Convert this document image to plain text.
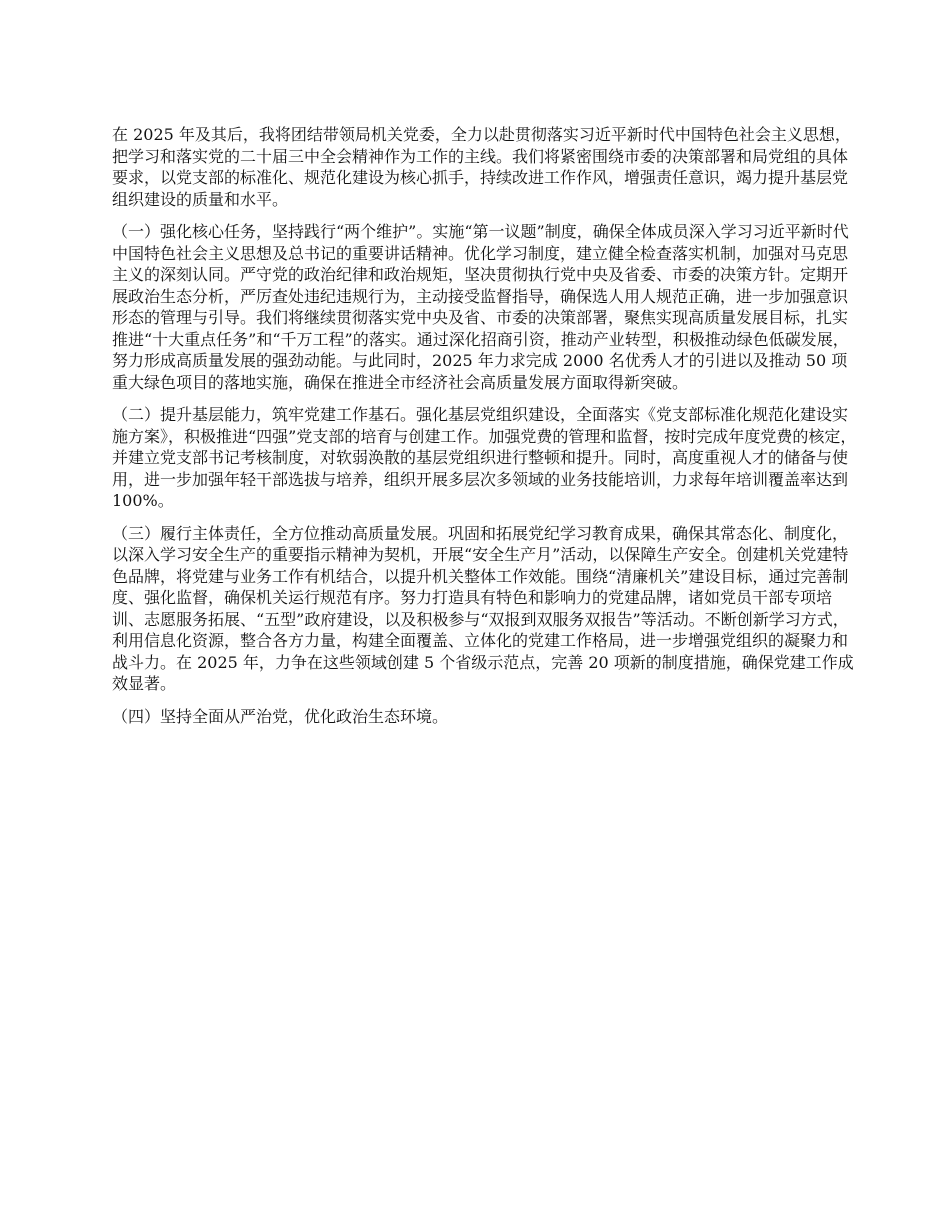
在 2025 年及其后，我将团结带领局机关党委，全力以赴贯彻落实习近平新时代中国特色社会主义思想，把学习和落实党的二十届三中全会精神作为工作的主线。我们将紧密围绕市委的决策部署和局党组的具体要求，以党支部的标准化、规范化建设为核心抓手，持续改进工作作风，增强责任意识，竭力提升基层党组织建设的质量和水平。

（一）强化核心任务，坚持践行“两个维护”。实施“第一议题”制度，确保全体成员深入学习习近平新时代中国特色社会主义思想及总书记的重要讲话精神。优化学习制度，建立健全检查落实机制，加强对马克思主义的深刻认同。严守党的政治纪律和政治规矩，坚决贯彻执行党中央及省委、市委的决策方针。定期开展政治生态分析，严厉查处违纪违规行为，主动接受监督指导，确保选人用人规范正确，进一步加强意识形态的管理与引导。我们将继续贯彻落实党中央及省、市委的决策部署，聚焦实现高质量发展目标，扎实推进“十大重点任务”和“千万工程”的落实。通过深化招商引资，推动产业转型，积极推动绿色低碳发展，努力形成高质量发展的强劲动能。与此同时，2025 年力求完成 2000 名优秀人才的引进以及推动 50 项重大绿色项目的落地实施，确保在推进全市经济社会高质量发展方面取得新突破。

（二）提升基层能力，筑牢党建工作基石。强化基层党组织建设，全面落实《党支部标准化规范化建设实施方案》，积极推进“四强”党支部的培育与创建工作。加强党费的管理和监督，按时完成年度党费的核定，并建立党支部书记考核制度，对软弱涣散的基层党组织进行整顿和提升。同时，高度重视人才的储备与使用，进一步加强年轻干部选拔与培养，组织开展多层次多领域的业务技能培训，力求每年培训覆盖率达到 100%。

（三）履行主体责任，全方位推动高质量发展。巩固和拓展党纪学习教育成果，确保其常态化、制度化，以深入学习安全生产的重要指示精神为契机，开展“安全生产月”活动，以保障生产安全。创建机关党建特色品牌，将党建与业务工作有机结合，以提升机关整体工作效能。围绕“清廉机关”建设目标，通过完善制度、强化监督，确保机关运行规范有序。努力打造具有特色和影响力的党建品牌，诸如党员干部专项培训、志愿服务拓展、“五型”政府建设，以及积极参与“双报到双服务双报告”等活动。不断创新学习方式，利用信息化资源，整合各方力量，构建全面覆盖、立体化的党建工作格局，进一步增强党组织的凝聚力和战斗力。在 2025 年，力争在这些领域创建 5 个省级示范点，完善 20 项新的制度措施，确保党建工作成效显著。

（四）坚持全面从严治党，优化政治生态环境。
